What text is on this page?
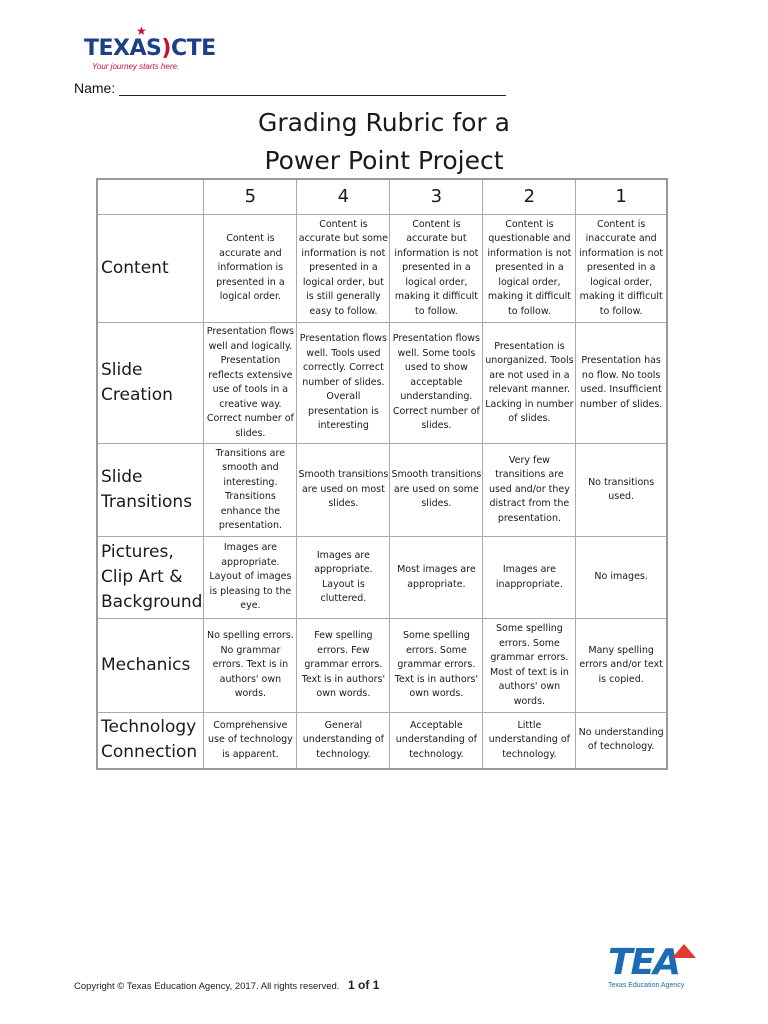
★
TEXAS)CTE
Your journey starts here.
Name:
Grading Rubric for a
Power Point Project
	5	4	3	2	1
Content	Content is accurate and information is presented in a logical order.	Content is accurate but some information is not presented in a logical order, but is still generally easy to follow.	Content is accurate but information is not presented in a logical order, making it difficult to follow.	Content is questionable and information is not presented in a logical order, making it difficult to follow.	Content is inaccurate and information is not presented in a logical order, making it difficult to follow.
Slide Creation	Presentation flows well and logically. Presentation reflects extensive use of tools in a creative way. Correct number of slides.	Presentation flows well. Tools used correctly. Correct number of slides. Overall presentation is interesting	Presentation flows well. Some tools used to show acceptable understanding. Correct number of slides.	Presentation is unorganized. Tools are not used in a relevant manner. Lacking in number of slides.	Presentation has no flow. No tools used. Insufficient number of slides.
Slide Transitions	Transitions are smooth and interesting. Transitions enhance the presentation.	Smooth transitions are used on most slides.	Smooth transitions are used on some slides.	Very few transitions are used and/or they distract from the presentation.	No transitions used.
Pictures, Clip Art & Background	Images are appropriate. Layout of images is pleasing to the eye.	Images are appropriate. Layout is cluttered.	Most images are appropriate.	Images are inappropriate.	No images.
Mechanics	No spelling errors. No grammar errors. Text is in authors' own words.	Few spelling errors. Few grammar errors. Text is in authors' own words.	Some spelling errors. Some grammar errors. Text is in authors' own words.	Some spelling errors. Some grammar errors. Most of text is in authors' own words.	Many spelling errors and/or text is copied.
Technology Connection	Comprehensive use of technology is apparent.	General understanding of technology.	Acceptable understanding of technology.	Little understanding of technology.	No understanding of technology.
Copyright © Texas Education Agency, 2017. All rights reserved. 1 of 1
TEA
Texas Education Agency
